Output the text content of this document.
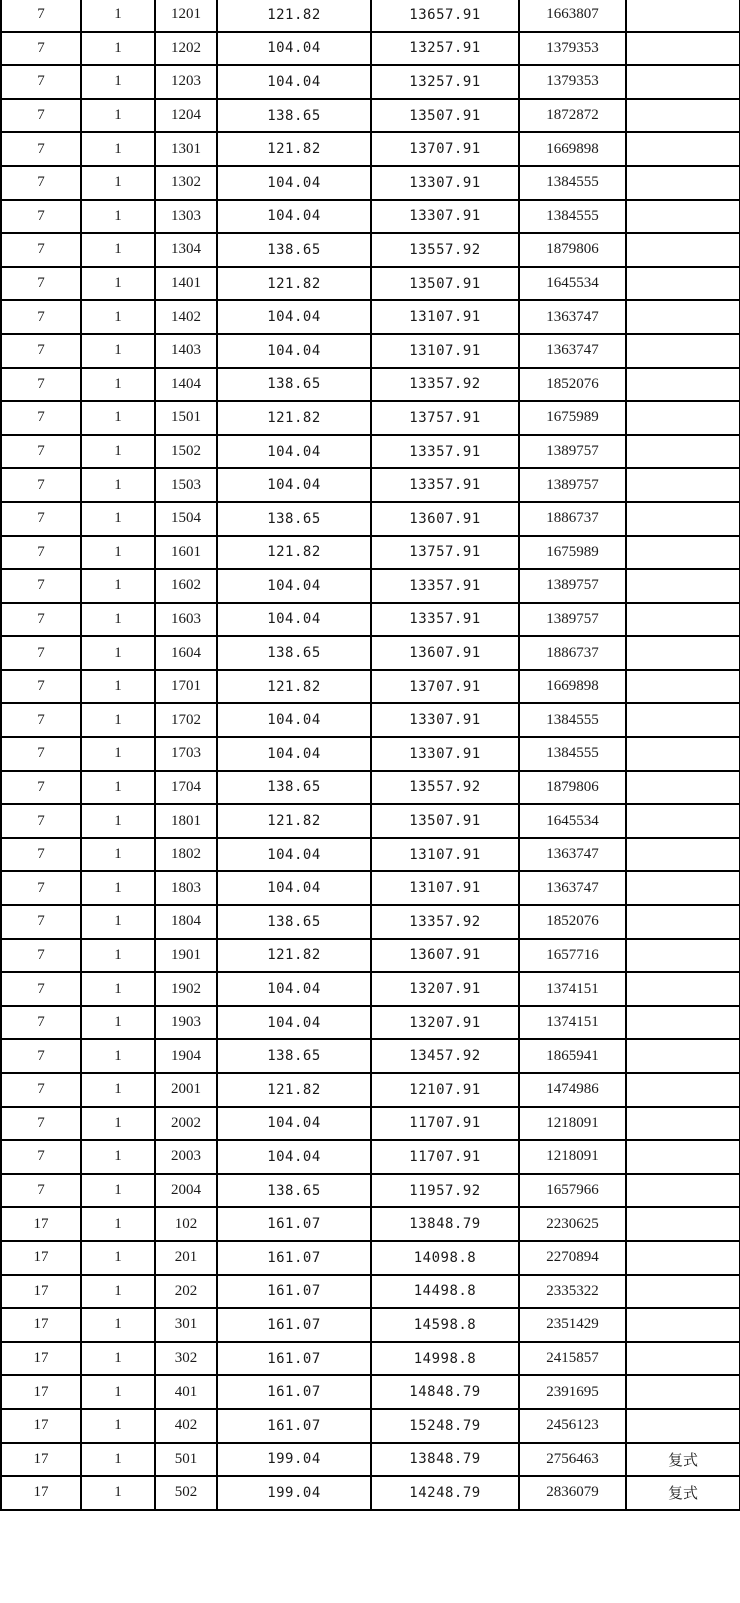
7	1	1201	121.82	13657.91	1663807	
7	1	1202	104.04	13257.91	1379353	
7	1	1203	104.04	13257.91	1379353	
7	1	1204	138.65	13507.91	1872872	
7	1	1301	121.82	13707.91	1669898	
7	1	1302	104.04	13307.91	1384555	
7	1	1303	104.04	13307.91	1384555	
7	1	1304	138.65	13557.92	1879806	
7	1	1401	121.82	13507.91	1645534	
7	1	1402	104.04	13107.91	1363747	
7	1	1403	104.04	13107.91	1363747	
7	1	1404	138.65	13357.92	1852076	
7	1	1501	121.82	13757.91	1675989	
7	1	1502	104.04	13357.91	1389757	
7	1	1503	104.04	13357.91	1389757	
7	1	1504	138.65	13607.91	1886737	
7	1	1601	121.82	13757.91	1675989	
7	1	1602	104.04	13357.91	1389757	
7	1	1603	104.04	13357.91	1389757	
7	1	1604	138.65	13607.91	1886737	
7	1	1701	121.82	13707.91	1669898	
7	1	1702	104.04	13307.91	1384555	
7	1	1703	104.04	13307.91	1384555	
7	1	1704	138.65	13557.92	1879806	
7	1	1801	121.82	13507.91	1645534	
7	1	1802	104.04	13107.91	1363747	
7	1	1803	104.04	13107.91	1363747	
7	1	1804	138.65	13357.92	1852076	
7	1	1901	121.82	13607.91	1657716	
7	1	1902	104.04	13207.91	1374151	
7	1	1903	104.04	13207.91	1374151	
7	1	1904	138.65	13457.92	1865941	
7	1	2001	121.82	12107.91	1474986	
7	1	2002	104.04	11707.91	1218091	
7	1	2003	104.04	11707.91	1218091	
7	1	2004	138.65	11957.92	1657966	
17	1	102	161.07	13848.79	2230625	
17	1	201	161.07	14098.8	2270894	
17	1	202	161.07	14498.8	2335322	
17	1	301	161.07	14598.8	2351429	
17	1	302	161.07	14998.8	2415857	
17	1	401	161.07	14848.79	2391695	
17	1	402	161.07	15248.79	2456123	
17	1	501	199.04	13848.79	2756463	复式
17	1	502	199.04	14248.79	2836079	复式
